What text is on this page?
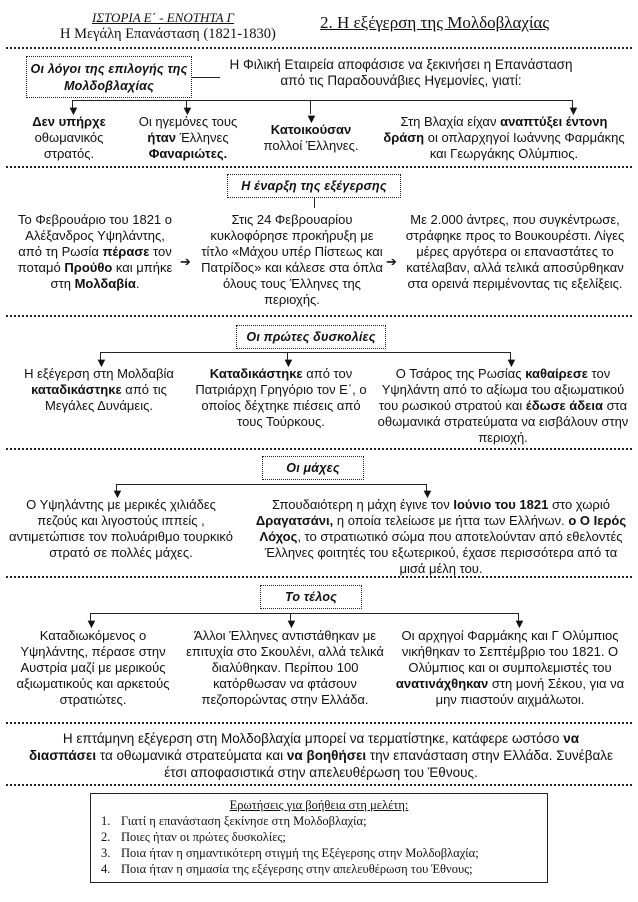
ΙΣΤΟΡΙΑ Ε΄ - ΕΝΟΤΗΤΑ Γ
Η Μεγάλη Επανάσταση (1821-1830)
2. Η εξέγερση της Μολδοβλαχίας
Οι λόγοι της επιλογής της Μολδοβλαχίας
Η Φιλική Εταιρεία αποφάσισε να ξεκινήσει η Επανάσταση από τις Παραδουνάβιες Ηγεμονίες, γιατί:
▼	▼
▼
▼
Δεν υπήρχε
οθωμανικός στρατός.
Οι ηγεμόνες τους
ήταν Έλληνες
Φαναριώτες.
Κατοικούσαν
πολλοί Έλληνες.
Στη Βλαχία είχαν αναπτύξει έντονη δράση οι οπλαρχηγοί Ιωάννης Φαρμάκης και Γεωργάκης Ολύμπιος.
Η έναρξη της εξέγερσης
Το Φεβρουάριο του 1821 ο Αλέξανδρος Υψηλάντης, από τη Ρωσία πέρασε τον ποταμό Προύθο και μπήκε στη Μολδαβία.
➔
Στις 24 Φεβρουαρίου κυκλοφόρησε προκήρυξη με τίτλο «Μάχου υπέρ Πίστεως και Πατρίδος» και κάλεσε στα όπλα όλους τους Έλληνες της περιοχής.
➔
Με 2.000 άντρες, που συγκέντρωσε, στράφηκε προς το Βουκουρέστι. Λίγες μέρες αργότερα οι επαναστάτες το κατέλαβαν, αλλά τελικά αποσύρθηκαν στα ορεινά περιμένοντας τις εξελίξεις.
Οι πρώτες δυσκολίες
▼	▼	▼
Η εξέγερση στη Μολδαβία καταδικάστηκε από τις Μεγάλες Δυνάμεις.
Καταδικάστηκε από τον Πατριάρχη Γρηγόριο τον Ε΄, ο οποίος δέχτηκε πιέσεις από τους Τούρκους.
Ο Τσάρος της Ρωσίας καθαίρεσε τον Υψηλάντη από το αξίωμα του αξιωματικού του ρωσικού στρατού και έδωσε άδεια στα οθωμανικά στρατεύματα να εισβάλουν στην περιοχή.
Οι μάχες
▼	▼
Ο Υψηλάντης με μερικές χιλιάδες πεζούς και λιγοστούς ιππείς , αντιμετώπισε τον πολυάριθμο τουρκικό στρατό σε πολλές μάχες.
Σπουδαιότερη η μάχη έγινε τον Ιούνιο του 1821 στο χωριό Δραγατσάνι, η οποία τελείωσε με ήττα των Ελλήνων. ο Ο Ιερός Λόχος, το στρατιωτικό σώμα που αποτελούνταν από εθελοντές Έλληνες φοιτητές του εξωτερικού, έχασε περισσότερα από τα μισά μέλη του.
Το τέλος
▼	▼	▼
Καταδιωκόμενος ο Υψηλάντης, πέρασε στην Αυστρία μαζί με μερικούς αξιωματικούς και αρκετούς στρατιώτες.
Άλλοι Έλληνες αντιστάθηκαν με επιτυχία στο Σκουλένι, αλλά τελικά διαλύθηκαν. Περίπου 100 κατόρθωσαν να φτάσουν πεζοπορώντας στην Ελλάδα.
Οι αρχηγοί Φαρμάκης και Γ Ολύμπιος νικήθηκαν το Σεπτέμβριο του 1821. Ο Ολύμπιος και οι συμπολεμιστές του ανατινάχθηκαν στη μονή Σέκου, για να μην πιαστούν αιχμάλωτοι.
Η επτάμηνη εξέγερση στη Μολδοβλαχία μπορεί να τερματίστηκε, κατάφερε ωστόσο να διασπάσει τα οθωμανικά στρατεύματα και να βοηθήσει την επανάσταση στην Ελλάδα. Συνέβαλε έτσι αποφασιστικά στην απελευθέρωση του Έθνους.
Ερωτήσεις για βοήθεια στη μελέτη:
1. Γιατί η επανάσταση ξεκίνησε στη Μολδοβλαχία;
2. Ποιες ήταν οι πρώτες δυσκολίες;
3. Ποια ήταν η σημαντικότερη στιγμή της Εξέγερσης στην Μολδοβλαχία;
4. Ποια ήταν η σημασία της εξέγερσης στην απελευθέρωση του Έθνους;
